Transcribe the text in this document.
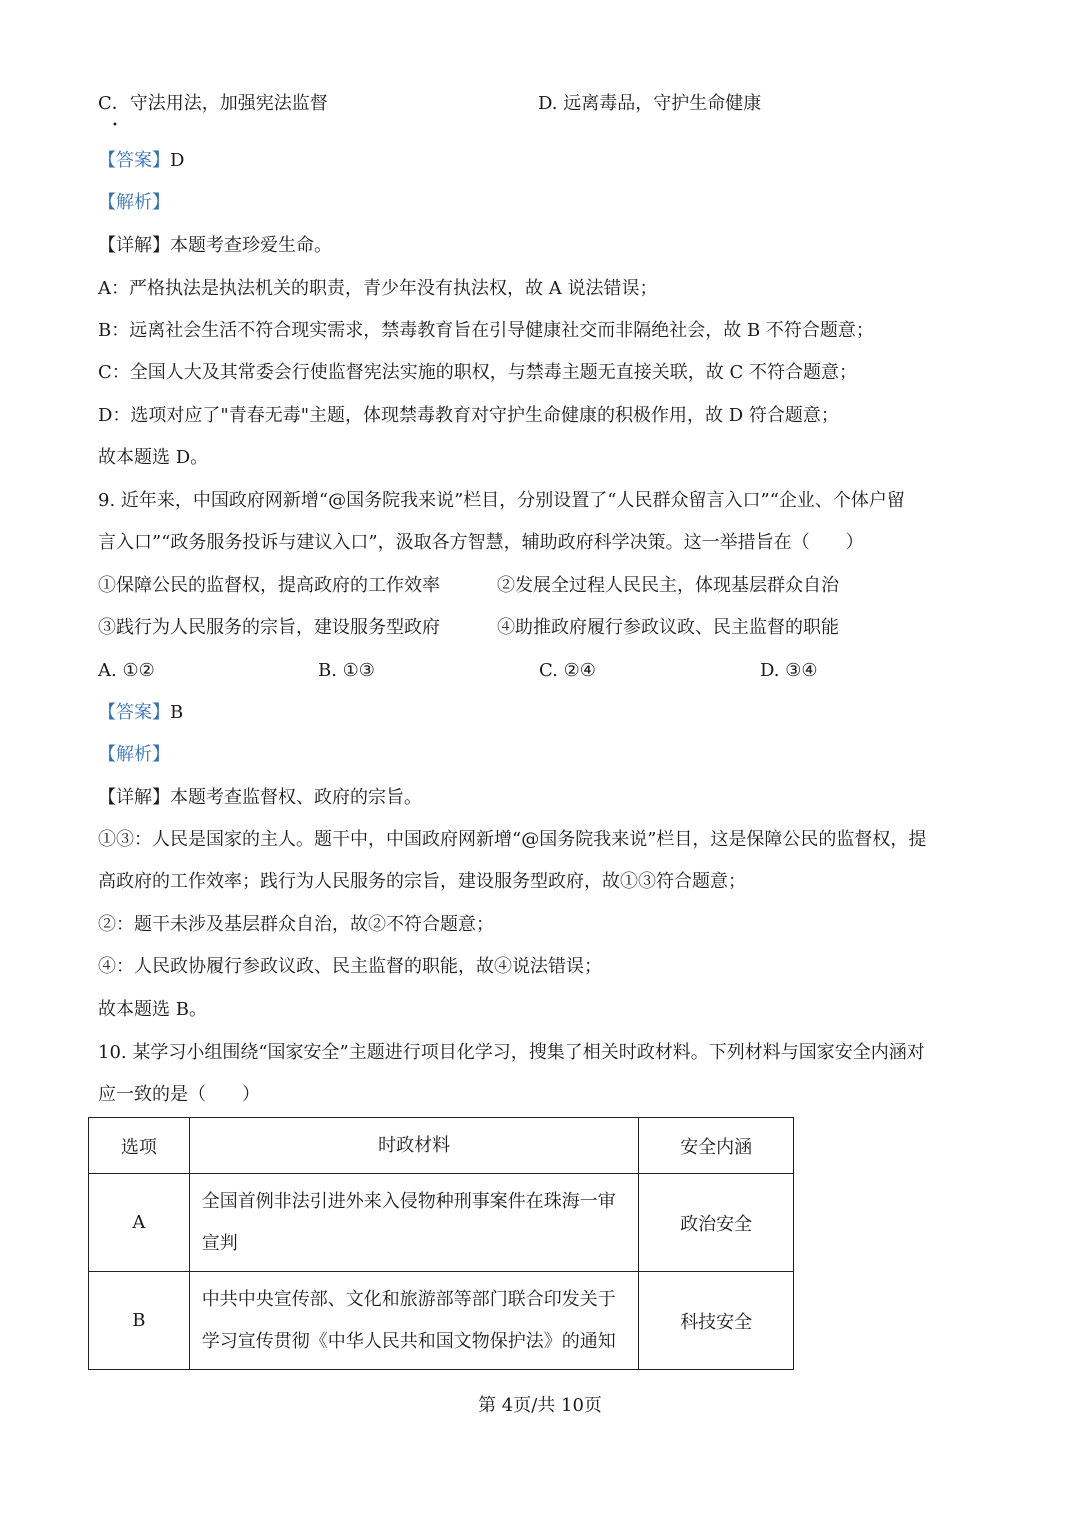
C．守法用法，加强宪法监督
•
D. 远离毒品，守护生命健康
【答案】D
【解析】
【详解】本题考查珍爱生命。
A：严格执法是执法机关的职责，青少年没有执法权，故 A 说法错误；
B：远离社会生活不符合现实需求，禁毒教育旨在引导健康社交而非隔绝社会，故 B 不符合题意；
C：全国人大及其常委会行使监督宪法实施的职权，与禁毒主题无直接关联，故 C 不符合题意；
D：选项对应了"青春无毒"主题，体现禁毒教育对守护生命健康的积极作用，故 D 符合题意；
故本题选 D。
9. 近年来，中国政府网新增“@国务院我来说”栏目，分别设置了“人民群众留言入口”“企业、个体户留
言入口”“政务服务投诉与建议入口”，汲取各方智慧，辅助政府科学决策。这一举措旨在（　　）
①保障公民的监督权，提高政府的工作效率	②发展全过程人民民主，体现基层群众自治
③践行为人民服务的宗旨，建设服务型政府	④助推政府履行参政议政、民主监督的职能
A. ①②	B. ①③	C. ②④	D. ③④
【答案】B
【解析】
【详解】本题考查监督权、政府的宗旨。
①③：人民是国家的主人。题干中，中国政府网新增“@国务院我来说”栏目，这是保障公民的监督权，提
高政府的工作效率；践行为人民服务的宗旨，建设服务型政府，故①③符合题意；
②：题干未涉及基层群众自治，故②不符合题意；
④：人民政协履行参政议政、民主监督的职能，故④说法错误；
故本题选 B。
10. 某学习小组围绕“国家安全”主题进行项目化学习，搜集了相关时政材料。下列材料与国家安全内涵对
应一致的是（　　）
选项	时政材料	安全内涵
A	全国首例非法引进外来入侵物种刑事案件在珠海一审宣判	政治安全
B	中共中央宣传部、文化和旅游部等部门联合印发关于学习宣传贯彻《中华人民共和国文物保护法》的通知	科技安全
第 4页/共 10页
